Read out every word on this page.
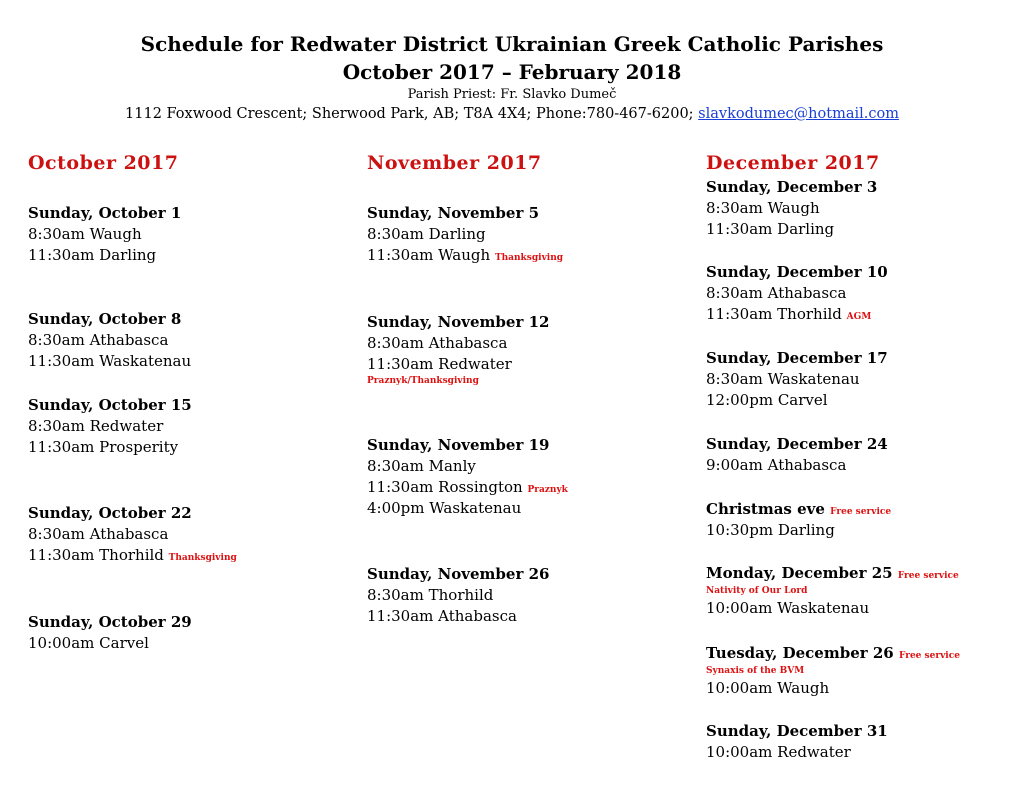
Schedule for Redwater District Ukrainian Greek Catholic Parishes
October 2017 – February 2018
Parish Priest: Fr. Slavko Dumeč
1112 Foxwood Crescent; Sherwood Park, AB; T8A 4X4; Phone:780-467-6200; slavkodumec@hotmail.com
October 2017
Sunday, October 1
8:30am Waugh
11:30am Darling
Sunday, October 8
8:30am Athabasca
11:30am Waskatenau
Sunday, October 15
8:30am Redwater
11:30am Prosperity
Sunday, October 22
8:30am Athabasca
11:30am Thorhild Thanksgiving
Sunday, October 29
10:00am Carvel
November 2017
Sunday, November 5
8:30am Darling
11:30am Waugh Thanksgiving
Sunday, November 12
8:30am Athabasca
11:30am Redwater
Praznyk/Thanksgiving
Sunday, November 19
8:30am Manly
11:30am Rossington Praznyk
4:00pm Waskatenau
Sunday, November 26
8:30am Thorhild
11:30am Athabasca
December 2017
Sunday, December 3
8:30am Waugh
11:30am Darling
Sunday, December 10
8:30am Athabasca
11:30am Thorhild AGM
Sunday, December 17
8:30am Waskatenau
12:00pm Carvel
Sunday, December 24
9:00am Athabasca
Christmas eve Free service
10:30pm Darling
Monday, December 25 Free service
Nativity of Our Lord
10:00am Waskatenau
Tuesday, December 26 Free service
Synaxis of the BVM
10:00am Waugh
Sunday, December 31
10:00am Redwater
